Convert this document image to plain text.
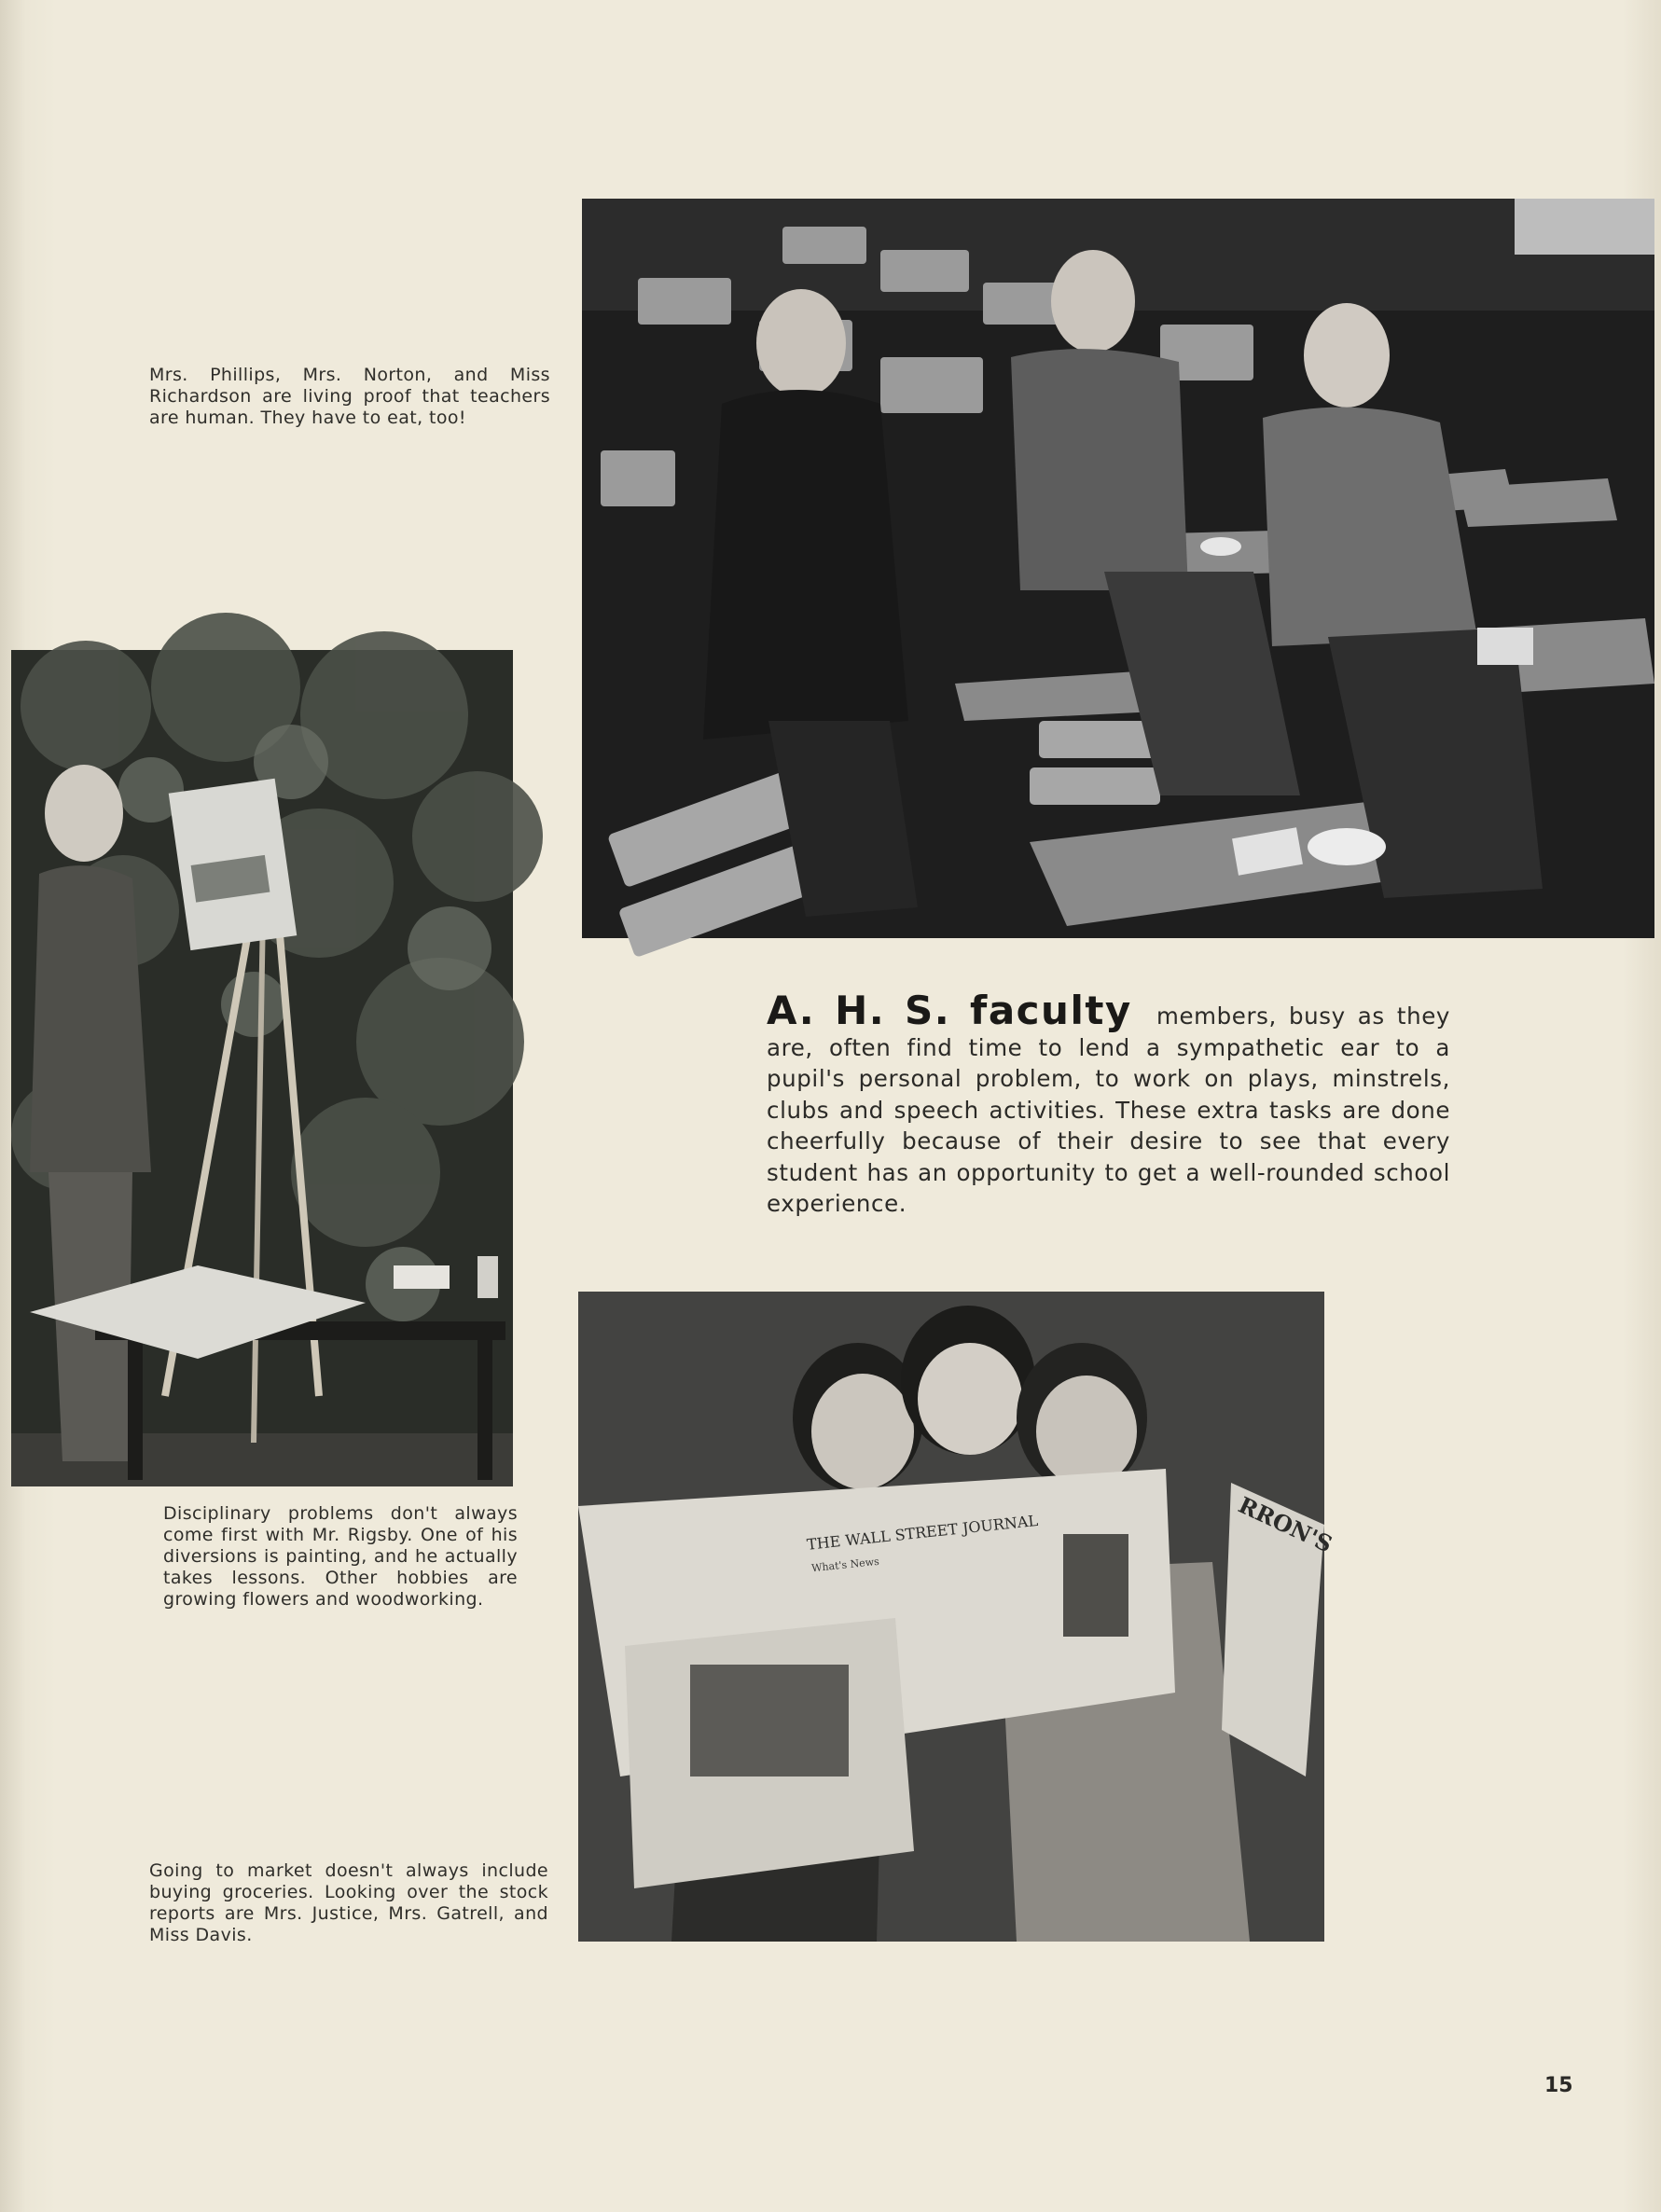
THE WALL STREET JOURNAL
What's News
RRON'S

Mrs. Phillips, Mrs. Norton, and Miss Richardson are living proof that teachers are human. They have to eat, too!

Disciplinary problems don't always come first with Mr. Rigsby. One of his diversions is painting, and he actually takes lessons. Other hobbies are growing flowers and woodworking.

Going to market doesn't always include buying groceries. Looking over the stock reports are Mrs. Justice, Mrs. Gatrell, and Miss Davis.

A. H. S. faculty members, busy as they are, often find time to lend a sympathetic ear to a pupil's personal problem, to work on plays, minstrels, clubs and speech activities. These extra tasks are done cheerfully because of their desire to see that every student has an opportunity to get a well-rounded school experience.

15
